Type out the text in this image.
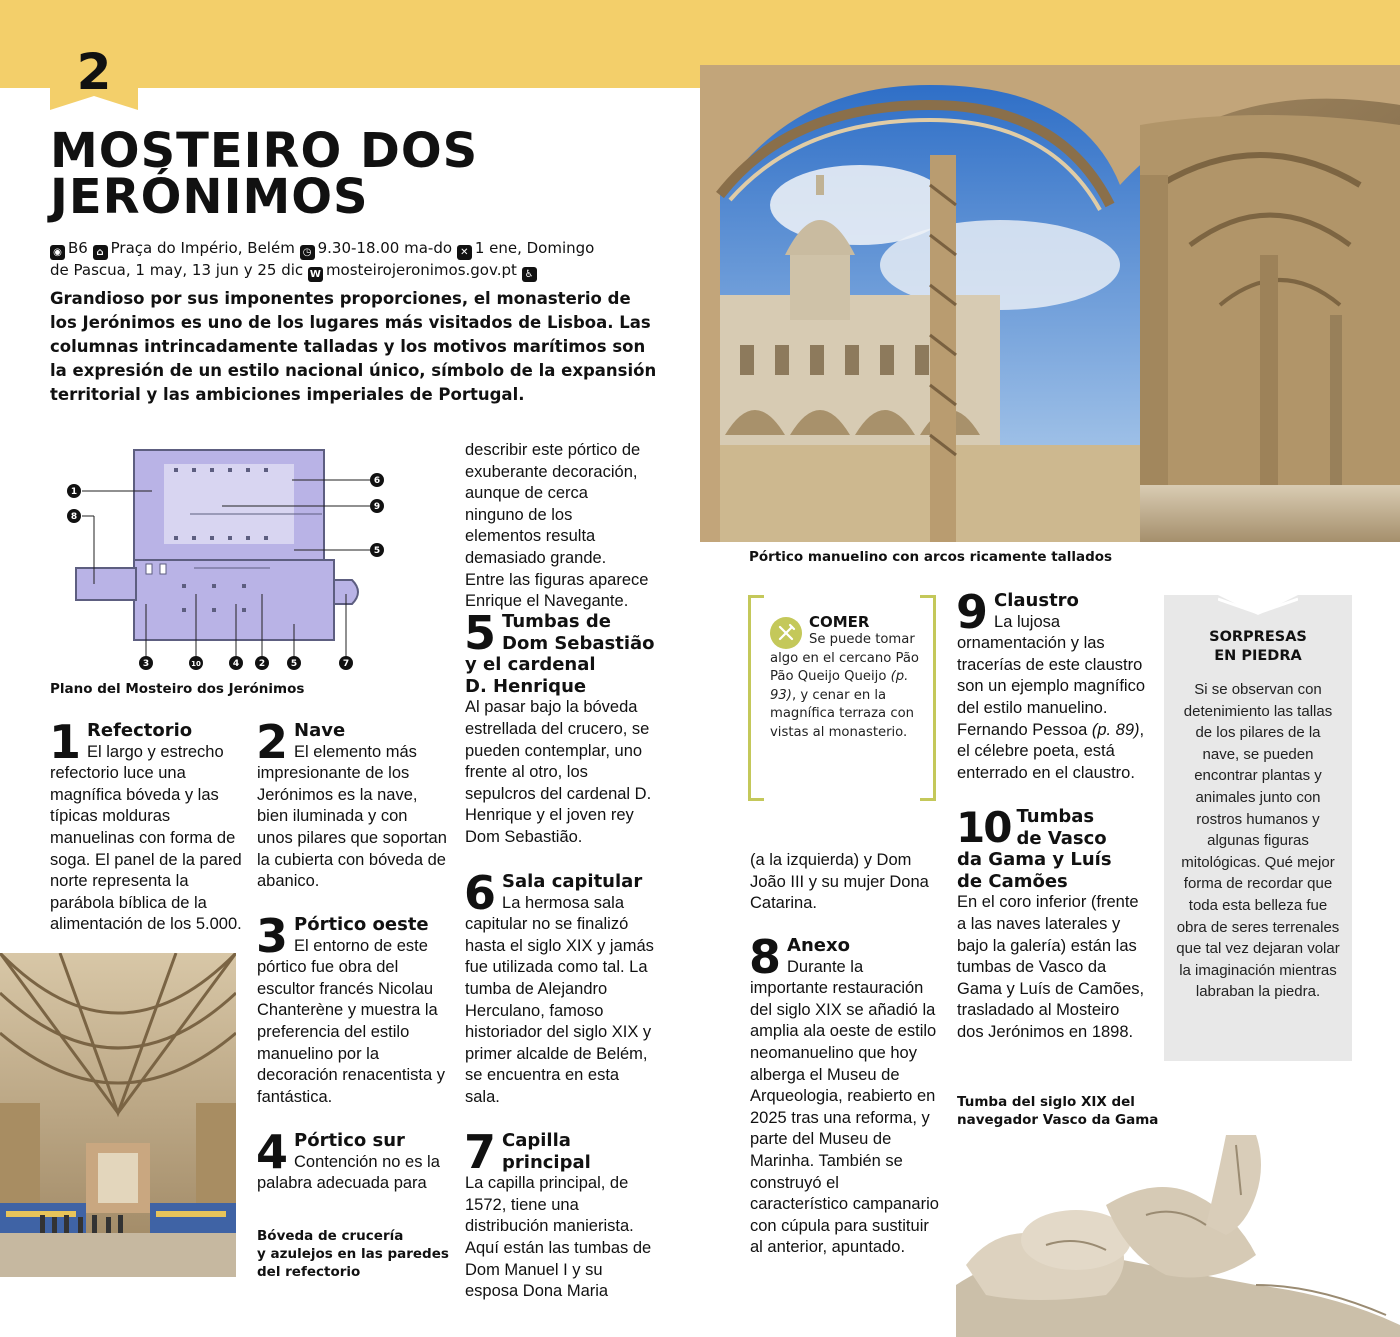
2
MOSTEIRO DOS
JERÓNIMOS
◉ B6 ⌂ Praça do Império, Belém ◷ 9.30-18.00 ma-do ✕ 1 ene, Domingo
de Pascua, 1 may, 13 jun y 25 dic W mosteirojeronimos.gov.pt ♿
Grandioso por sus imponentes proporciones, el monasterio de los Jerónimos es uno de los lugares más visitados de Lisboa. Las columnas intrincadamente talladas y los motivos marítimos son la expresión de un estilo nacional único, símbolo de la expansión territorial y las ambiciones imperiales de Portugal.
Pórtico manuelino con arcos ricamente tallados
1
8
6
9
5
3	10	4 2	5	7
Plano del Mosteiro dos Jerónimos
1 Refectorio
El largo y estrecho refectorio luce una magnífica bóveda y las típicas molduras manuelinas con forma de soga. El panel de la pared norte representa la parábola bíblica de la alimentación de los 5.000.
2 Nave
El elemento más impresionante de los Jerónimos es la nave, bien iluminada y con unos pilares que soportan la cubierta con bóveda de abanico.
3 Pórtico oeste
El entorno de este pórtico fue obra del escultor francés Nicolau Chanterène y muestra la preferencia del estilo manuelino por la decoración renacentista y fantástica.
4 Pórtico sur
Contención no es la palabra adecuada para
Bóveda de crucería
y azulejos en las paredes
del refectorio
describir este pórtico de exuberante decoración, aunque de cerca ninguno de los elementos resulta demasiado grande. Entre las figuras aparece Enrique el Navegante.
5 Tumbas de
Dom Sebastião
y el cardenal
D. Henrique
Al pasar bajo la bóveda estrellada del crucero, se pueden contemplar, uno frente al otro, los sepulcros del cardenal D. Henrique y el joven rey Dom Sebastião.
6 Sala capitular
La hermosa sala capitular no se finalizó hasta el siglo XIX y jamás fue utilizada como tal. La tumba de Alejandro Herculano, famoso historiador del siglo XIX y primer alcalde de Belém, se encuentra en esta sala.
7 Capilla principal
La capilla principal, de 1572, tiene una distribución manierista. Aquí están las tumbas de Dom Manuel I y su esposa Dona Maria
COMER
Se puede tomar algo en el cercano Pão Pão Queijo Queijo (p. 93), y cenar en la magnífica terraza con vistas al monasterio.
(a la izquierda) y Dom João III y su mujer Dona Catarina.
8 Anexo
Durante la importante restauración del siglo XIX se añadió la amplia ala oeste de estilo neomanuelino que hoy alberga el Museu de Arqueologia, reabierto en 2025 tras una reforma, y parte del Museu de Marinha. También se construyó el característico campanario con cúpula para sustituir al anterior, apuntado.
9 Claustro
La lujosa ornamentación y las tracerías de este claustro son un ejemplo magnífico del estilo manuelino. Fernando Pessoa (p. 89), el célebre poeta, está enterrado en el claustro.
10 Tumbas
de Vasco
da Gama y Luís
de Camões
En el coro inferior (frente a las naves laterales y bajo la galería) están las tumbas de Vasco da Gama y Luís de Camões, trasladado al Mosteiro dos Jerónimos en 1898.
Tumba del siglo XIX del
navegador Vasco da Gama
SORPRESAS
EN PIEDRA
Si se observan con detenimiento las tallas de los pilares de la nave, se pueden encontrar plantas y animales junto con rostros humanos y algunas figuras mitológicas. Qué mejor forma de recordar que toda esta belleza fue obra de seres terrenales que tal vez dejaran volar la imaginación mientras labraban la piedra.
